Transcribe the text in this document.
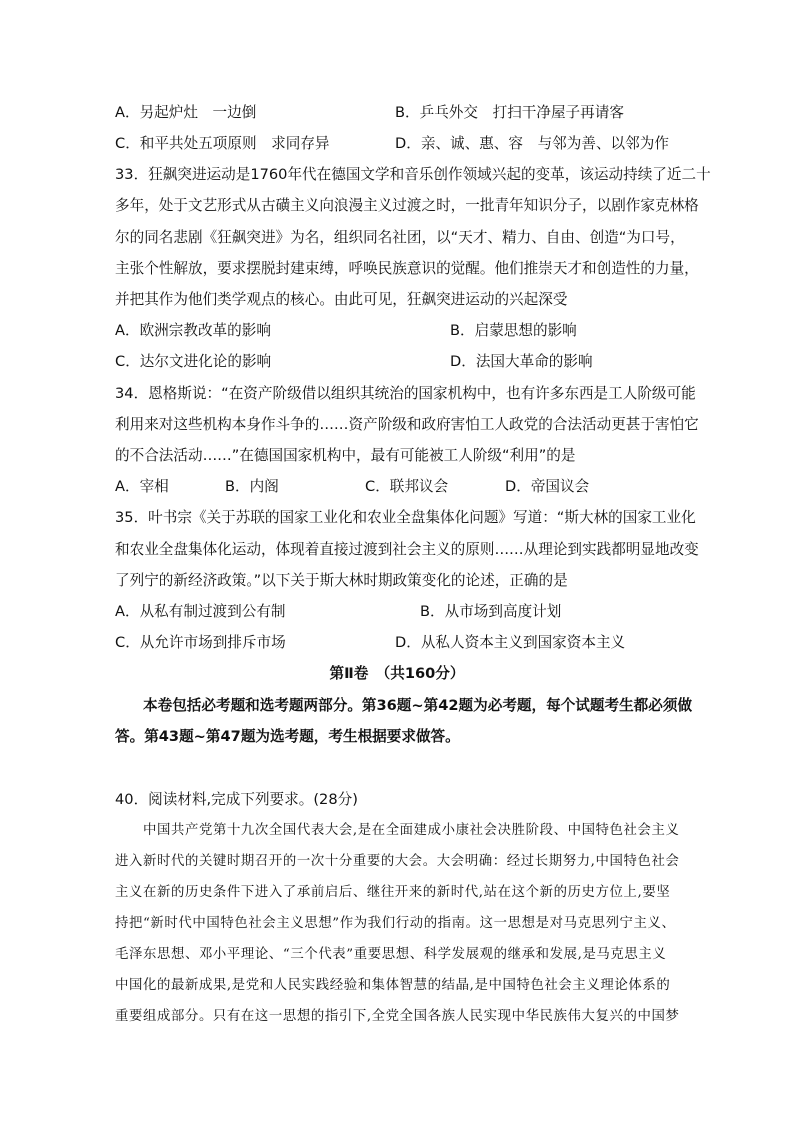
A．另起炉灶　一边倒	B．乒乓外交　打扫干净屋子再请客
C．和平共处五项原则　求同存异	D．亲、诚、惠、容　与邻为善、以邻为作
33．狂飙突进运动是1760年代在德国文学和音乐创作领域兴起的变革，该运动持续了近二十
多年，处于文艺形式从古磺主义向浪漫主义过渡之时，一批青年知识分子，以剧作家克林格
尔的同名悲剧《狂飙突进》为名，组织同名社团，以“天才、精力、自由、创造“为口号，
主张个性解放，要求摆脱封建束缚，呼唤民族意识的觉醒。他们推崇天才和创造性的力量，
并把其作为他们类学观点的核心。由此可见，狂飙突进运动的兴起深受
A．欧洲宗教改革的影响	B．启蒙思想的影响
C．达尔文进化论的影响	D．法国大革命的影响
34．恩格斯说：“在资产阶级借以组织其统治的国家机构中，也有许多东西是工人阶级可能
利用来对这些机构本身作斗争的……资产阶级和政府害怕工人政党的合法活动更甚于害怕它
的不合法活动……”在德国国家机构中，最有可能被工人阶级“利用”的是
A．宰相	B．内阁	C．联邦议会	D．帝国议会
35．叶书宗《关于苏联的国家工业化和农业全盘集体化问题》写道：“斯大林的国家工业化
和农业全盘集体化运动，体现着直接过渡到社会主义的原则……从理论到实践都明显地改变
了列宁的新经济政策。”以下关于斯大林时期政策变化的论述，正确的是
A．从私有制过渡到公有制	B．从市场到高度计划
C．从允许市场到排斥市场	D．从私人资本主义到国家资本主义
第Ⅱ卷　（共160分）
本卷包括必考题和选考题两部分。第36题~第42题为必考题，每个试题考生都必须做
答。第43题~第47题为选考题，考生根据要求做答。
40．阅读材料,完成下列要求。(28分)
中国共产党第十九次全国代表大会,是在全面建成小康社会决胜阶段、中国特色社会主义
进入新时代的关键时期召开的一次十分重要的大会。大会明确：经过长期努力,中国特色社会
主义在新的历史条件下进入了承前启后、继往开来的新时代,站在这个新的历史方位上,要坚
持把“新时代中国特色社会主义思想”作为我们行动的指南。这一思想是对马克思列宁主义、
毛泽东思想、邓小平理论、“三个代表”重要思想、科学发展观的继承和发展,是马克思主义
中国化的最新成果,是党和人民实践经验和集体智慧的结晶,是中国特色社会主义理论体系的
重要组成部分。只有在这一思想的指引下,全党全国各族人民实现中华民族伟大复兴的中国梦
